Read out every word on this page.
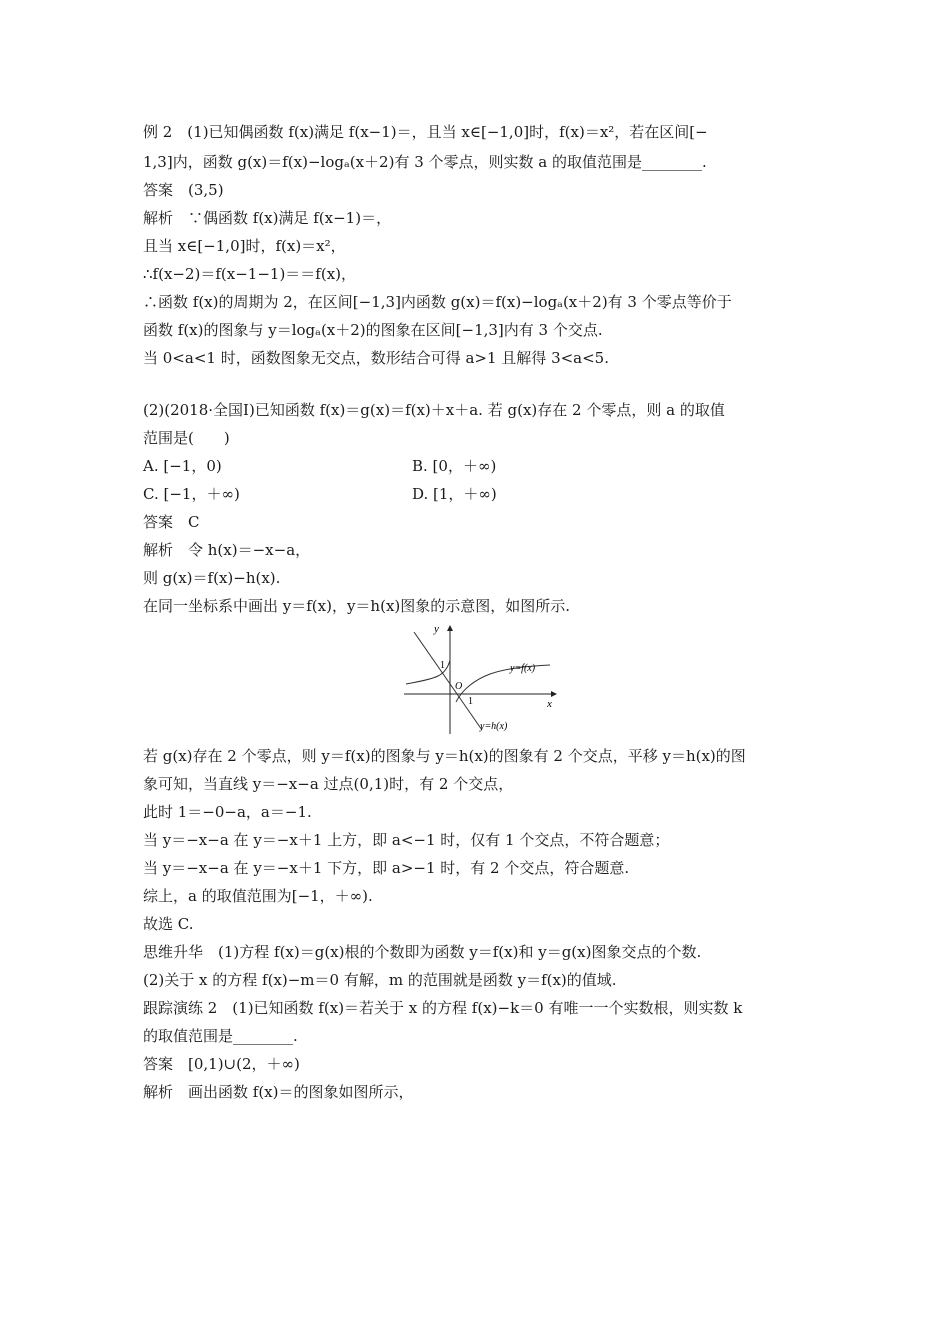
例 2　(1)已知偶函数 f(x)满足 f(x−1)＝，且当 x∈[−1,0]时，f(x)＝x²，若在区间[−
1,3]内，函数 g(x)＝f(x)−logₐ(x＋2)有 3 个零点，则实数 a 的取值范围是________.
答案　(3,5)
解析　∵偶函数 f(x)满足 f(x−1)＝，
且当 x∈[−1,0]时，f(x)＝x²，
∴f(x−2)＝f(x−1−1)＝＝f(x)，
∴函数 f(x)的周期为 2，在区间[−1,3]内函数 g(x)＝f(x)−logₐ(x＋2)有 3 个零点等价于
函数 f(x)的图象与 y＝logₐ(x＋2)的图象在区间[−1,3]内有 3 个交点.
当 0<a<1 时，函数图象无交点，数形结合可得 a>1 且解得 3<a<5.
(2)(2018·全国Ⅰ)已知函数 f(x)＝g(x)＝f(x)＋x＋a. 若 g(x)存在 2 个零点，则 a 的取值
范围是(　　)
A. [−1，0)	B. [0，＋∞)
C. [−1，＋∞)	D. [1，＋∞)
答案　C
解析　令 h(x)＝−x−a，
则 g(x)＝f(x)−h(x).
在同一坐标系中画出 y＝f(x)，y＝h(x)图象的示意图，如图所示.
y
x
1
O
1
y=f(x)
y=h(x)
若 g(x)存在 2 个零点，则 y＝f(x)的图象与 y＝h(x)的图象有 2 个交点，平移 y＝h(x)的图
象可知，当直线 y＝−x−a 过点(0,1)时，有 2 个交点，
此时 1＝−0−a，a＝−1.
当 y＝−x−a 在 y＝−x＋1 上方，即 a<−1 时，仅有 1 个交点，不符合题意；
当 y＝−x−a 在 y＝−x＋1 下方，即 a>−1 时，有 2 个交点，符合题意.
综上，a 的取值范围为[−1，＋∞).
故选 C.
思维升华　(1)方程 f(x)＝g(x)根的个数即为函数 y＝f(x)和 y＝g(x)图象交点的个数.
(2)关于 x 的方程 f(x)−m＝0 有解，m 的范围就是函数 y＝f(x)的值域.
跟踪演练 2　(1)已知函数 f(x)＝若关于 x 的方程 f(x)−k＝0 有唯一一个实数根，则实数 k
的取值范围是________.
答案　[0,1)∪(2，＋∞)
解析　画出函数 f(x)＝的图象如图所示，
